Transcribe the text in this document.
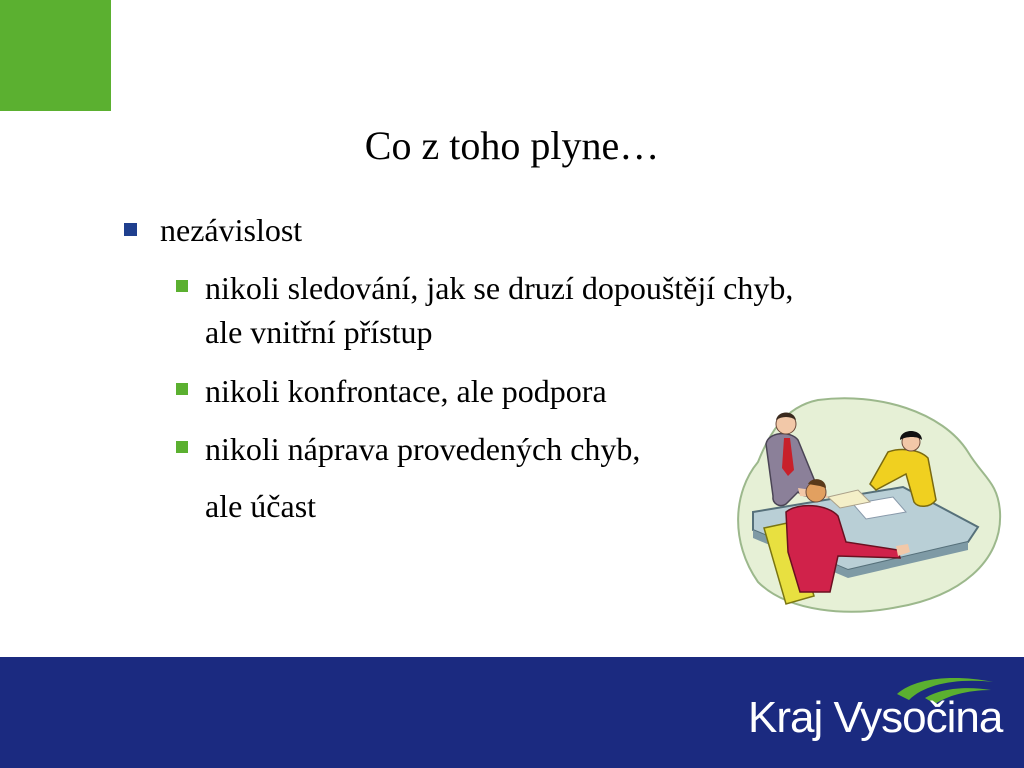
Co z toho plyne…
nezávislost
nikoli sledování, jak se druzí dopouštějí chyb,
ale vnitřní přístup
nikoli konfrontace, ale podpora
nikoli náprava provedených chyb,
ale účast
Kraj Vysočina
